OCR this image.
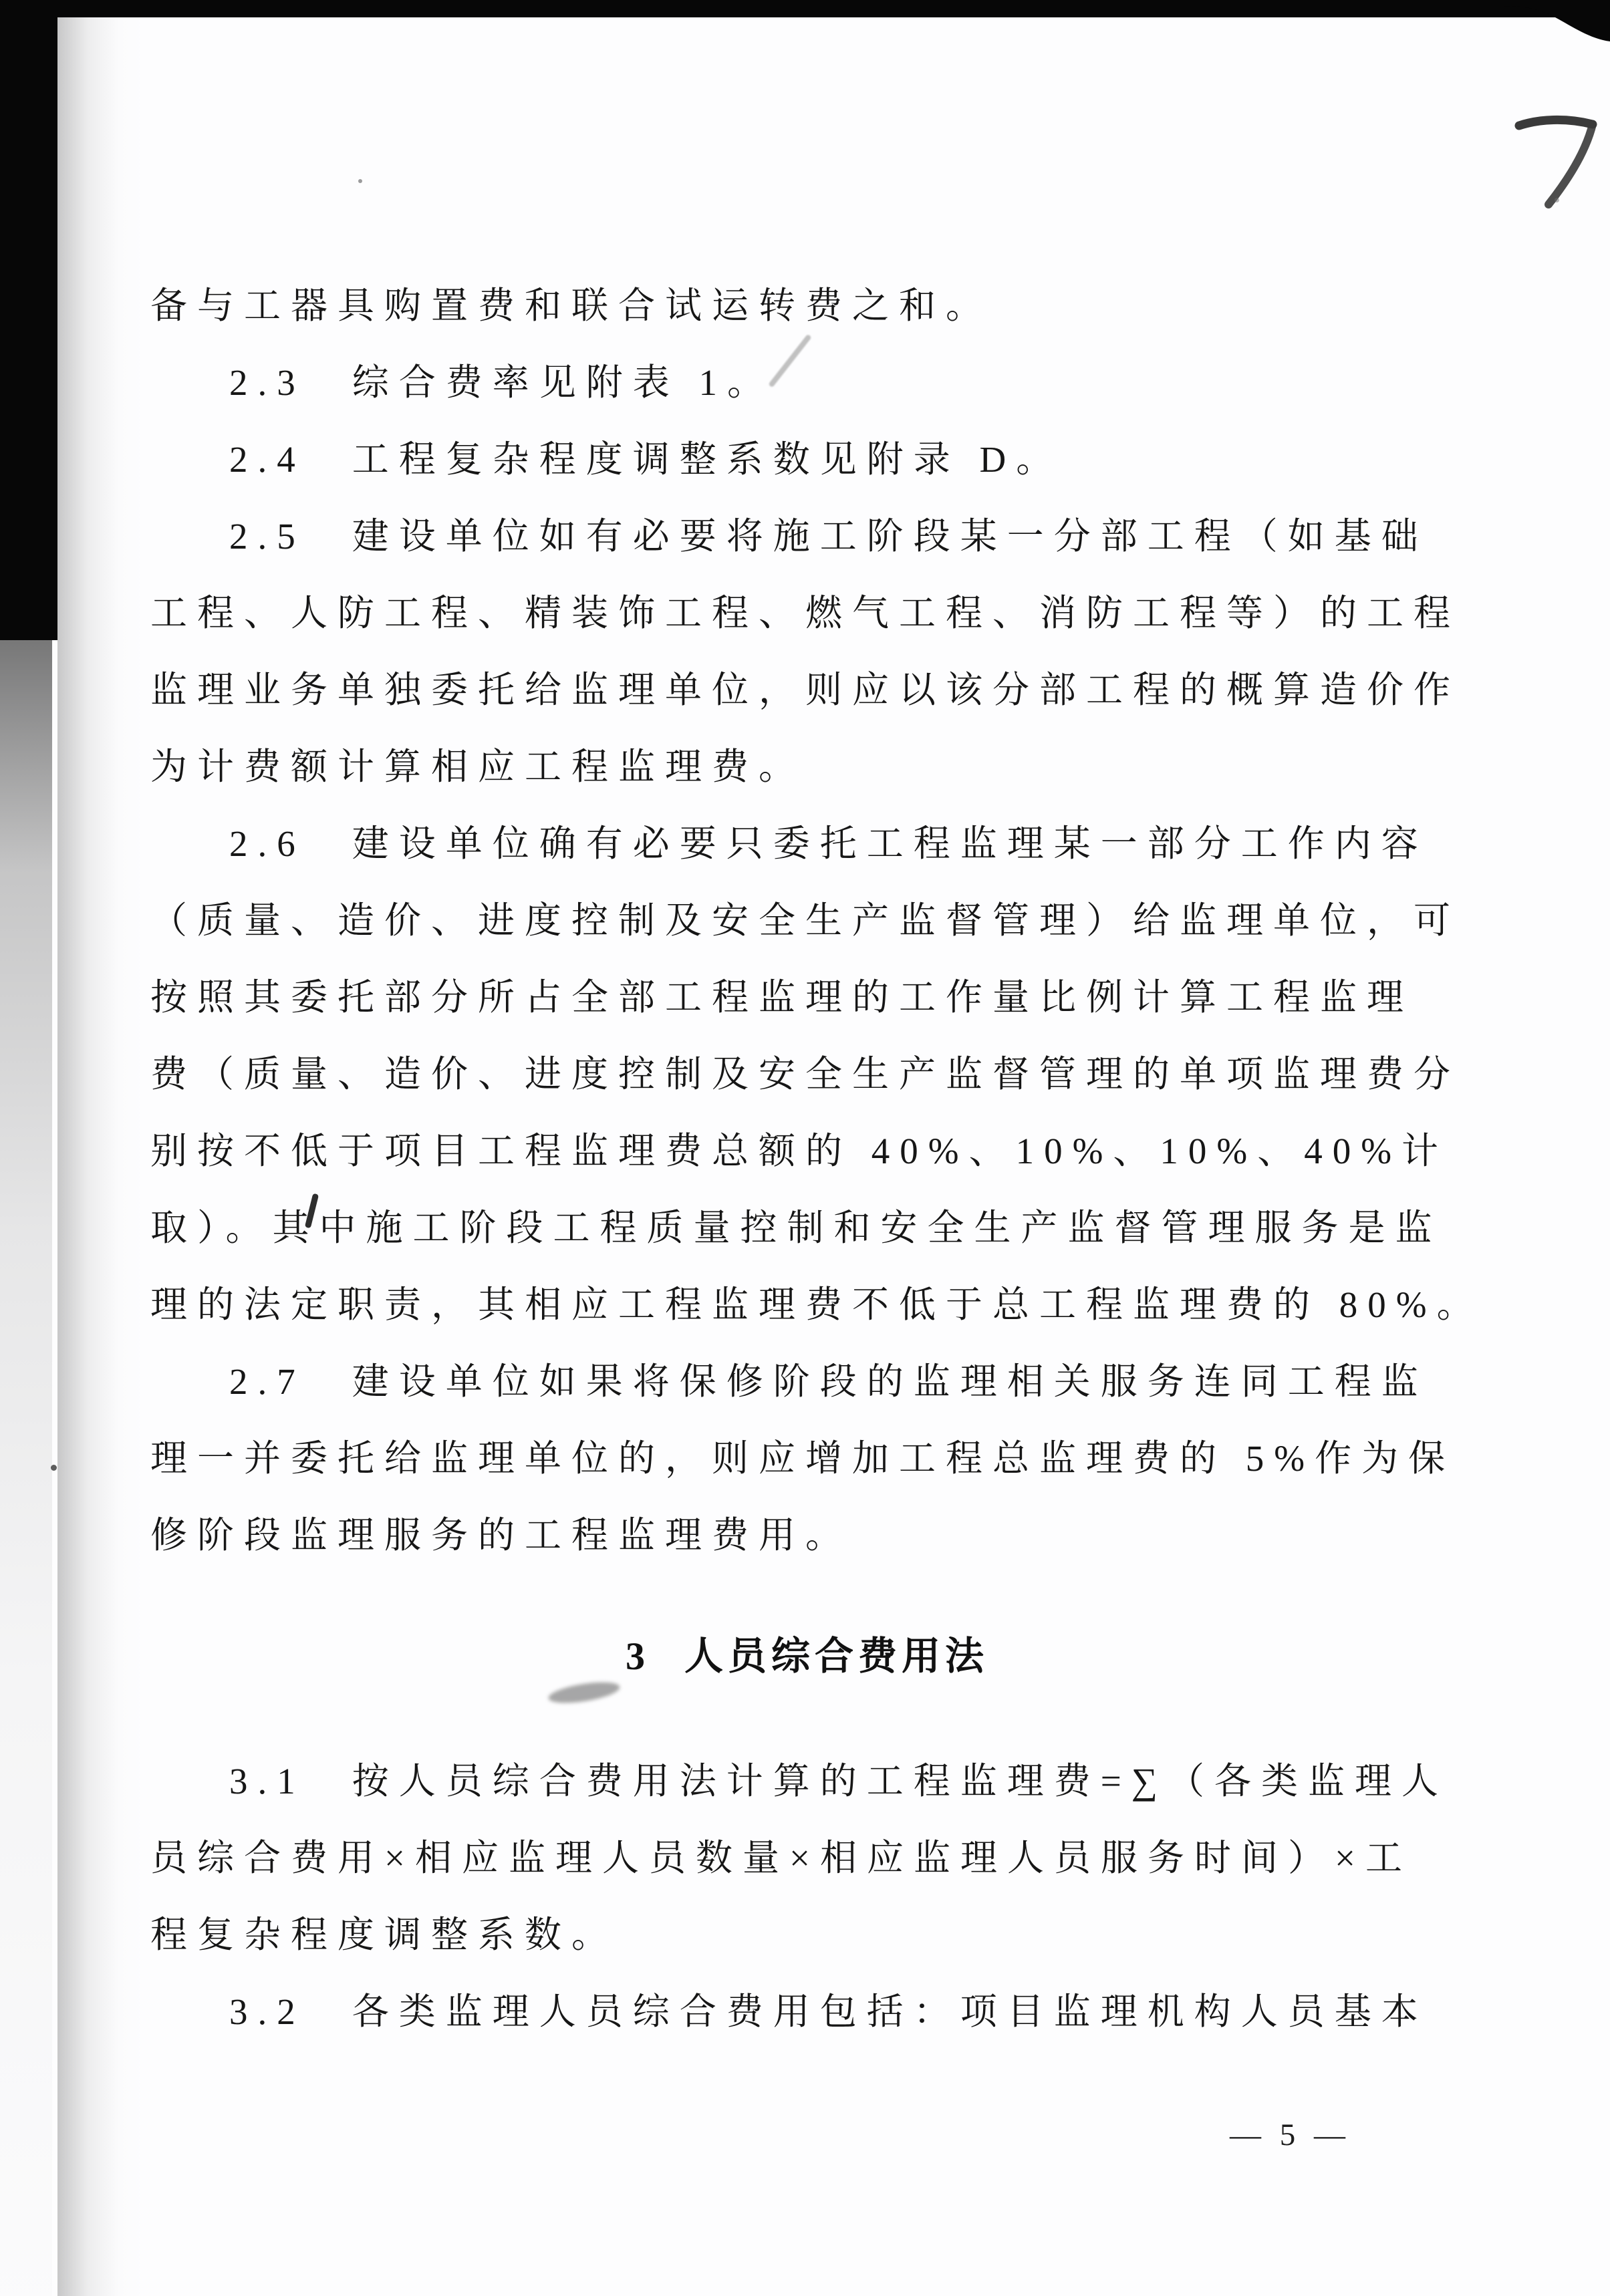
备与工器具购置费和联合试运转费之和。
2.3　综合费率见附表 1。
2.4　工程复杂程度调整系数见附录 D。
2.5　建设单位如有必要将施工阶段某一分部工程（如基础
工程、人防工程、精装饰工程、燃气工程、消防工程等）的工程
监理业务单独委托给监理单位，则应以该分部工程的概算造价作
为计费额计算相应工程监理费。
2.6　建设单位确有必要只委托工程监理某一部分工作内容
（质量、造价、进度控制及安全生产监督管理）给监理单位，可
按照其委托部分所占全部工程监理的工作量比例计算工程监理
费（质量、造价、进度控制及安全生产监督管理的单项监理费分
别按不低于项目工程监理费总额的 40%、10%、10%、40%计
取）。其中施工阶段工程质量控制和安全生产监督管理服务是监
理的法定职责，其相应工程监理费不低于总工程监理费的 80%。
2.7　建设单位如果将保修阶段的监理相关服务连同工程监
理一并委托给监理单位的，则应增加工程总监理费的 5%作为保
修阶段监理服务的工程监理费用。
3 人员综合费用法
3.1　按人员综合费用法计算的工程监理费=∑（各类监理人
员综合费用×相应监理人员数量×相应监理人员服务时间）×工
程复杂程度调整系数。
3.2　各类监理人员综合费用包括：项目监理机构人员基本
— 5 —
